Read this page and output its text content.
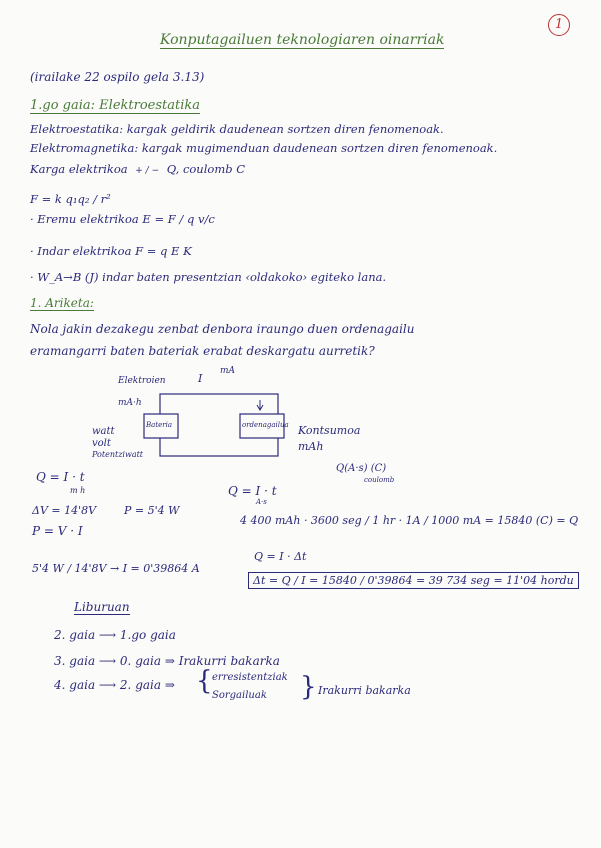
1
Konputagailuen teknologiaren oinarriak
(irailake 22 ospilo gela 3.13)
1.go gaia: Elektroestatika
Elektroestatika: kargak geldirik daudenean sortzen diren fenomenoak.
Elektromagnetika: kargak mugimenduan daudenean sortzen diren fenomenoak.
Karga elektrikoa + / − Q, coulomb C
F = k q₁q₂ / r²
· Eremu elektrikoa E = F / q v/c
· Indar elektrikoa F = q E K
· W_A→B (J) indar baten presentzian ‹oldakoko› egiteko lana.
1. Ariketa:
Nola jakin dezakegu zenbat denbora iraungo duen ordenagailu
eramangarri baten bateriak erabat deskargatu aurretik?
Elektroien	I
mA
mA·h
Bateria	ordenagailua
watt
volt
Potentziwatt
Kontsumoa
mAh
Q = I · t
m h
Q(A·s) (C)
coulomb
Q = I · t
A·s
ΔV = 14'8V	P = 5'4 W
P = V · I
4 400 mAh · 3600 seg / 1 hr · 1A / 1000 mA = 15840 (C) = Q
5'4 W / 14'8V → I = 0'39864 A
Q = I · Δt
Δt = Q / I = 15840 / 0'39864 = 39 734 seg = 11'04 hordu
Liburuan
2. gaia ⟶ 1.go gaia
3. gaia ⟶ 0. gaia ⇒ Irakurri bakarka
4. gaia ⟶ 2. gaia ⇒ { erresistentziak
Sorgailuak } Irakurri bakarka
